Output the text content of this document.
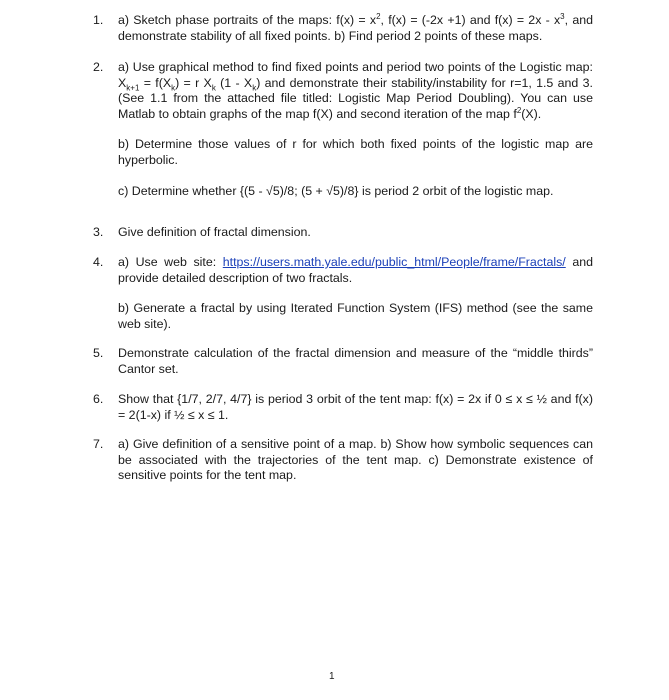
1.	a) Sketch phase portraits of the maps: $f(x) = x^2$, f(x) = (-2x +1) and $f(x) = 2x - x^3$, and demonstrate stability of all fixed points. b) Find period 2 points of these maps.

2.	a) Use graphical method to find fixed points and period two points of the Logistic map: $X_{k+1} = f(X_k) = r$ $X_k$ $(1 - X_k)$ and demonstrate their stability/instability for r=1, 1.5 and 3. (See 1.1 from the attached file titled: Logistic Map Period Doubling). You can use Matlab to obtain graphs of the map f(X) and second iteration of the map $f^2(X)$.

b) Determine those values of r for which both fixed points of the logistic map are hyperbolic.

c) Determine whether {(5 - √5)/8; (5 + √5)/8} is period 2 orbit of the logistic map.

3.	Give definition of fractal dimension.

4.	a) Use web site: https://users.math.yale.edu/public_html/People/frame/Fractals/ and provide detailed description of two fractals.

b) Generate a fractal by using Iterated Function System (IFS) method (see the same web site).

5.	Demonstrate calculation of the fractal dimension and measure of the “middle thirds” Cantor set.

6.	Show that {1/7, 2/7, 4/7} is period 3 orbit of the tent map: f(x) = 2x if 0 ≤ x ≤ ½ and f(x) = 2(1-x) if ½ ≤ x ≤ 1.

7.	a) Give definition of a sensitive point of a map. b) Show how symbolic sequences can be associated with the trajectories of the tent map. c) Demonstrate existence of sensitive points for the tent map.

1
